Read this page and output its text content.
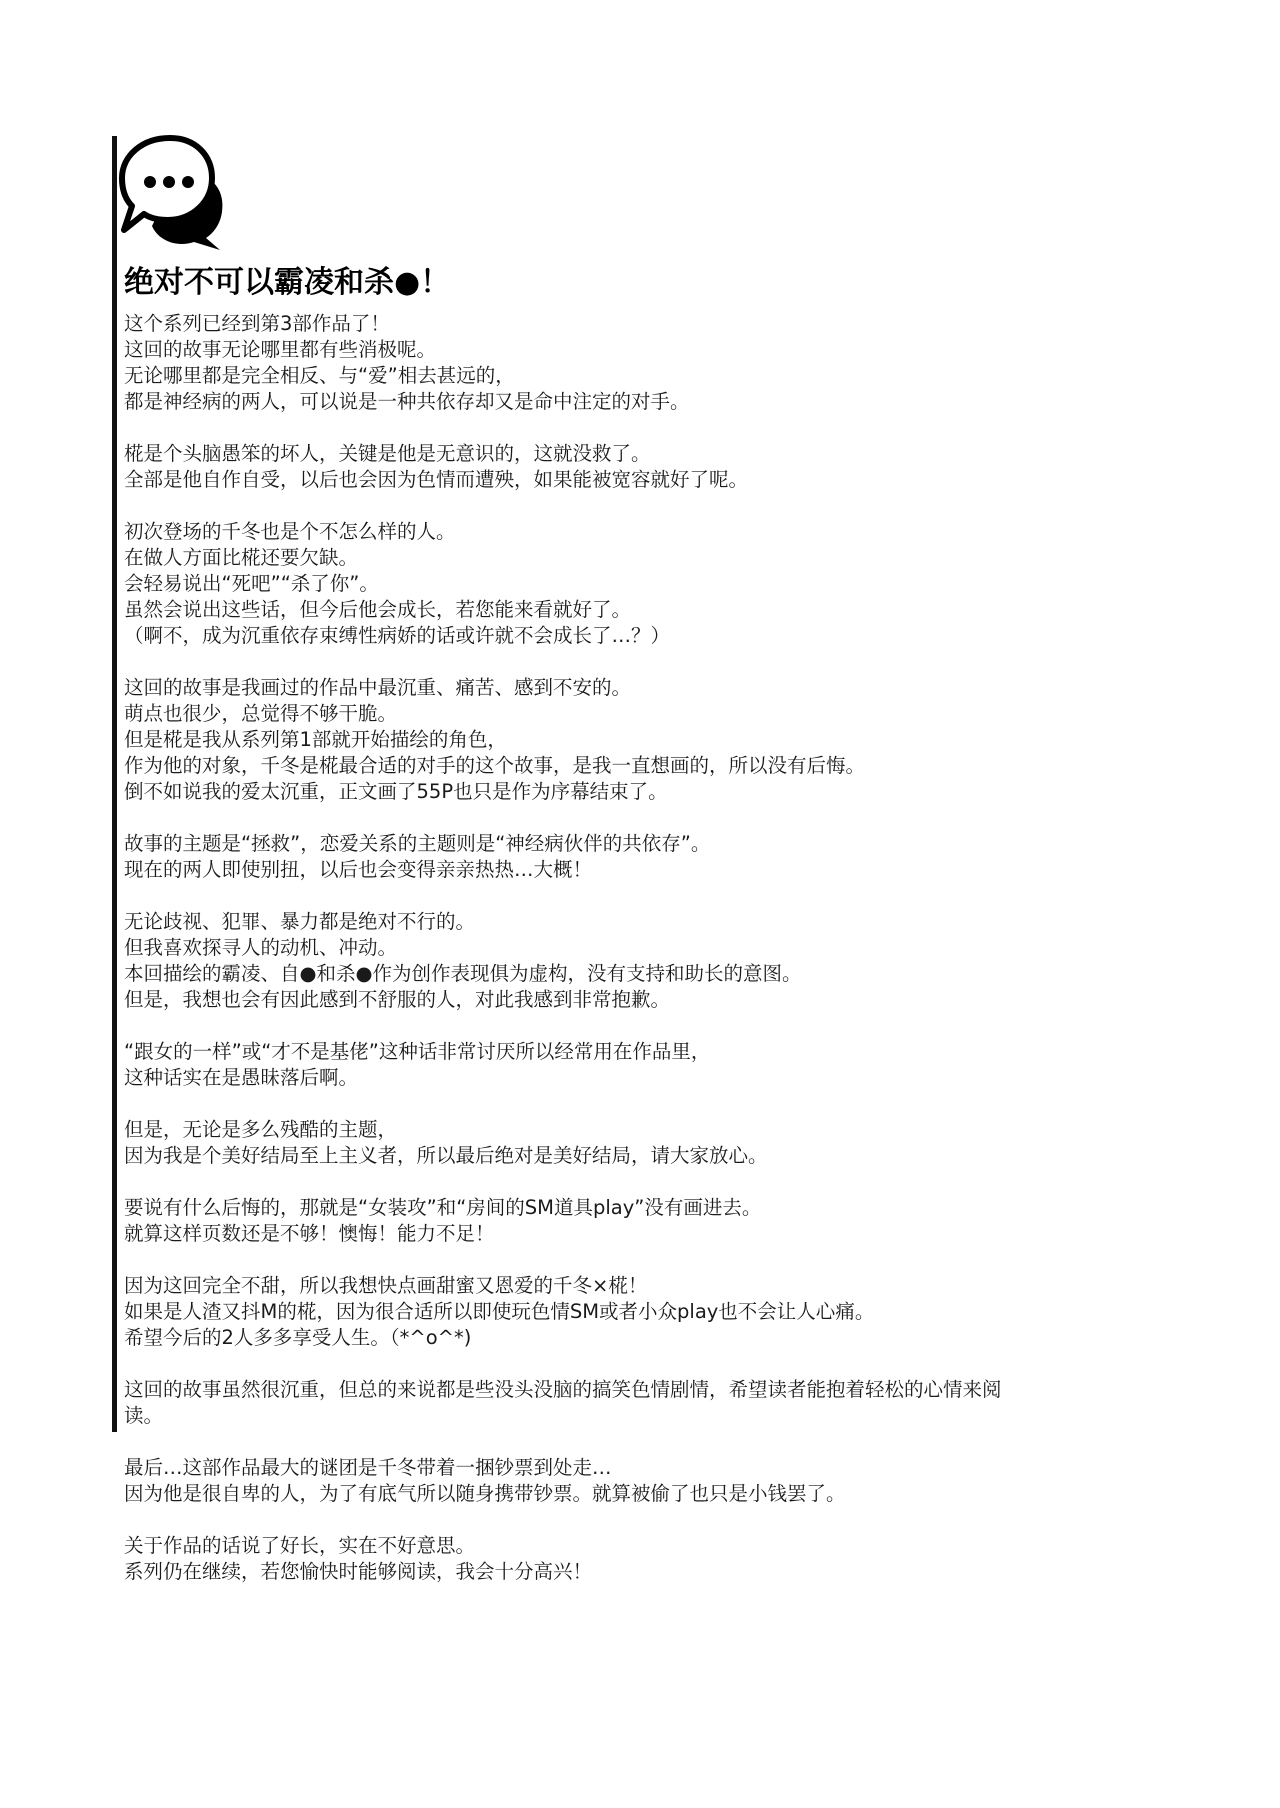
绝对不可以霸凌和杀●！
这个系列已经到第3部作品了！
这回的故事无论哪里都有些消极呢。
无论哪里都是完全相反、与“爱”相去甚远的，
都是神经病的两人，可以说是一种共依存却又是命中注定的对手。
椛是个头脑愚笨的坏人，关键是他是无意识的，这就没救了。
全部是他自作自受，以后也会因为色情而遭殃，如果能被宽容就好了呢。
初次登场的千冬也是个不怎么样的人。
在做人方面比椛还要欠缺。
会轻易说出“死吧”“杀了你”。
虽然会说出这些话，但今后他会成长，若您能来看就好了。
（啊不，成为沉重依存束缚性病娇的话或许就不会成长了…？）
这回的故事是我画过的作品中最沉重、痛苦、感到不安的。
萌点也很少，总觉得不够干脆。
但是椛是我从系列第1部就开始描绘的角色，
作为他的对象，千冬是椛最合适的对手的这个故事，是我一直想画的，所以没有后悔。
倒不如说我的爱太沉重，正文画了55P也只是作为序幕结束了。
故事的主题是“拯救”，恋爱关系的主题则是“神经病伙伴的共依存”。
现在的两人即使别扭，以后也会变得亲亲热热…大概！
无论歧视、犯罪、暴力都是绝对不行的。
但我喜欢探寻人的动机、冲动。
本回描绘的霸凌、自●和杀●作为创作表现俱为虚构，没有支持和助长的意图。
但是，我想也会有因此感到不舒服的人，对此我感到非常抱歉。
“跟女的一样”或“才不是基佬”这种话非常讨厌所以经常用在作品里，
这种话实在是愚昧落后啊。
但是，无论是多么残酷的主题，
因为我是个美好结局至上主义者，所以最后绝对是美好结局，请大家放心。
要说有什么后悔的，那就是“女装攻”和“房间的SM道具play”没有画进去。
就算这样页数还是不够！懊悔！能力不足！
因为这回完全不甜，所以我想快点画甜蜜又恩爱的千冬×椛！
如果是人渣又抖M的椛，因为很合适所以即使玩色情SM或者小众play也不会让人心痛。
希望今后的2人多多享受人生。（*^o^*)
这回的故事虽然很沉重，但总的来说都是些没头没脑的搞笑色情剧情，希望读者能抱着轻松的心情来阅
读。
最后…这部作品最大的谜团是千冬带着一捆钞票到处走…
因为他是很自卑的人，为了有底气所以随身携带钞票。就算被偷了也只是小钱罢了。
关于作品的话说了好长，实在不好意思。
系列仍在继续，若您愉快时能够阅读，我会十分高兴！
